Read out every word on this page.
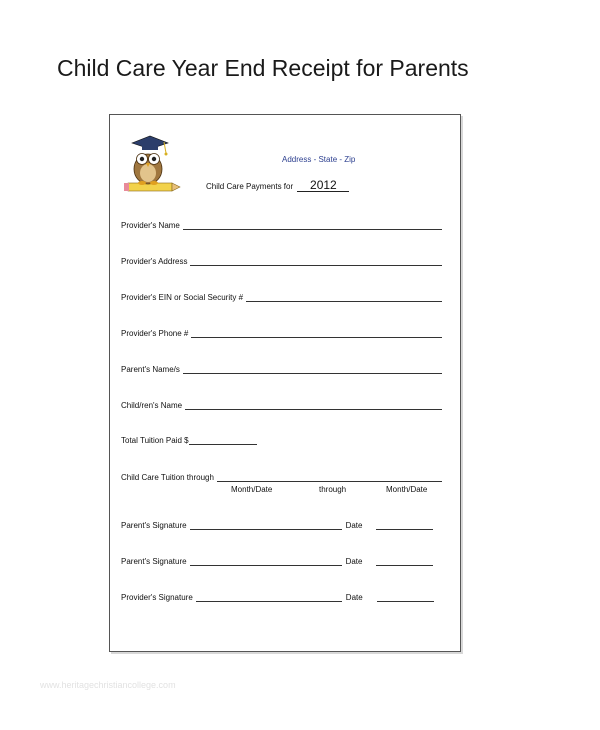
Child Care Year End Receipt for Parents
Address - State - Zip
Child Care Payments for 2012
Provider's Name
Provider's Address
Provider's EIN or Social Security #
Provider's Phone #
Parent's Name/s
Child/ren's Name
Total Tuition Paid $
Child Care Tuition through
Month/Date	through	Month/Date
Parent's Signature	Date
Parent's Signature	Date
Provider's Signature	Date
www.heritagechristiancollege.com
